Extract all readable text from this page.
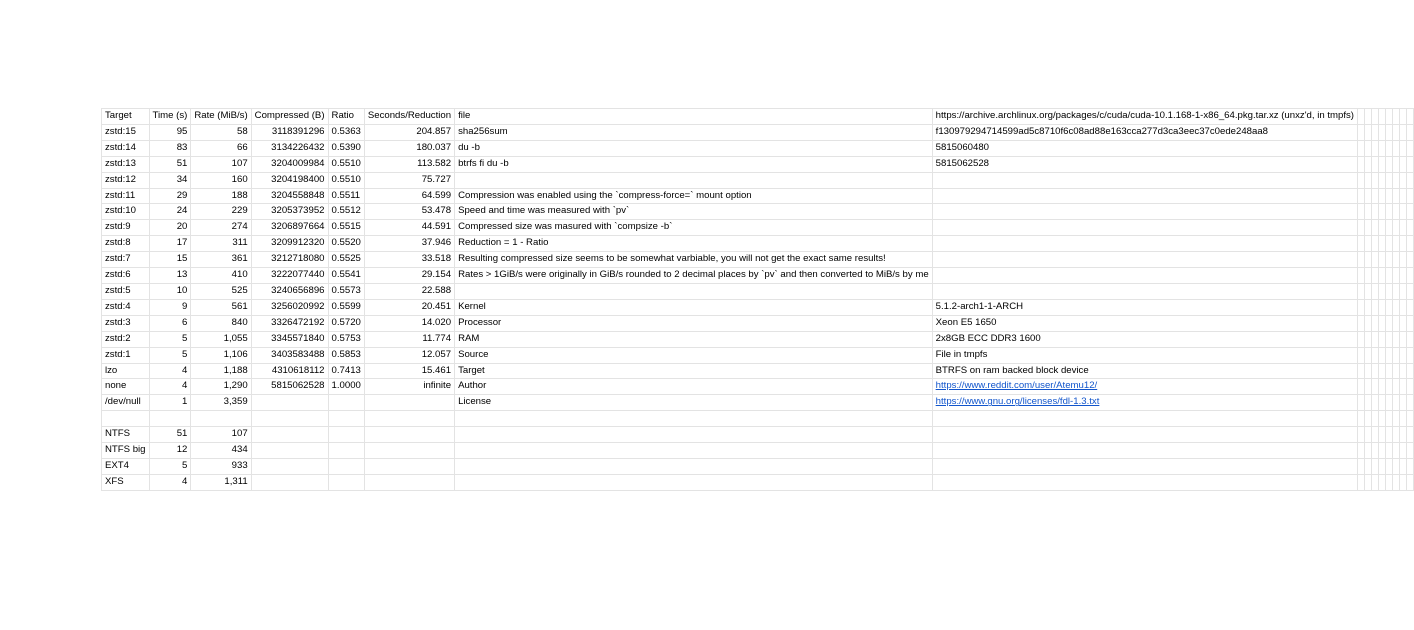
Target	Time (s)	Rate (MiB/s)	Compressed (B)	Ratio	Seconds/Reduction	file	https://archive.archlinux.org/packages/c/cuda/cuda-10.1.168-1-x86_64.pkg.tar.xz (unxz'd, in tmpfs)								
zstd:15	95	58	3118391296	0.5363	204.857	sha256sum	f130979294714599ad5c8710f6c08ad88e163cca277d3ca3eec37c0ede248aa8								
zstd:14	83	66	3134226432	0.5390	180.037	du -b	5815060480								
zstd:13	51	107	3204009984	0.5510	113.582	btrfs fi du -b	5815062528								
zstd:12	34	160	3204198400	0.5510	75.727										
zstd:11	29	188	3204558848	0.5511	64.599	Compression was enabled using the `compress-force=` mount option									
zstd:10	24	229	3205373952	0.5512	53.478	Speed and time was measured with `pv`									
zstd:9	20	274	3206897664	0.5515	44.591	Compressed size was masured with `compsize -b`									
zstd:8	17	311	3209912320	0.5520	37.946	Reduction = 1 - Ratio									
zstd:7	15	361	3212718080	0.5525	33.518	Resulting compressed size seems to be somewhat varbiable, you will not get the exact same results!									
zstd:6	13	410	3222077440	0.5541	29.154	Rates > 1GiB/s were originally in GiB/s rounded to 2 decimal places by `pv` and then converted to MiB/s by me									
zstd:5	10	525	3240656896	0.5573	22.588										
zstd:4	9	561	3256020992	0.5599	20.451	Kernel	5.1.2-arch1-1-ARCH								
zstd:3	6	840	3326472192	0.5720	14.020	Processor	Xeon E5 1650								
zstd:2	5	1,055	3345571840	0.5753	11.774	RAM	2x8GB ECC DDR3 1600								
zstd:1	5	1,106	3403583488	0.5853	12.057	Source	File in tmpfs								
lzo	4	1,188	4310618112	0.7413	15.461	Target	BTRFS on ram backed block device								
none	4	1,290	5815062528	1.0000	infinite	Author	https://www.reddit.com/user/Atemu12/								
/dev/null	1	3,359				License	https://www.gnu.org/licenses/fdl-1.3.txt								

NTFS	51	107													
NTFS big	12	434													
EXT4	5	933													
XFS	4	1,311													
